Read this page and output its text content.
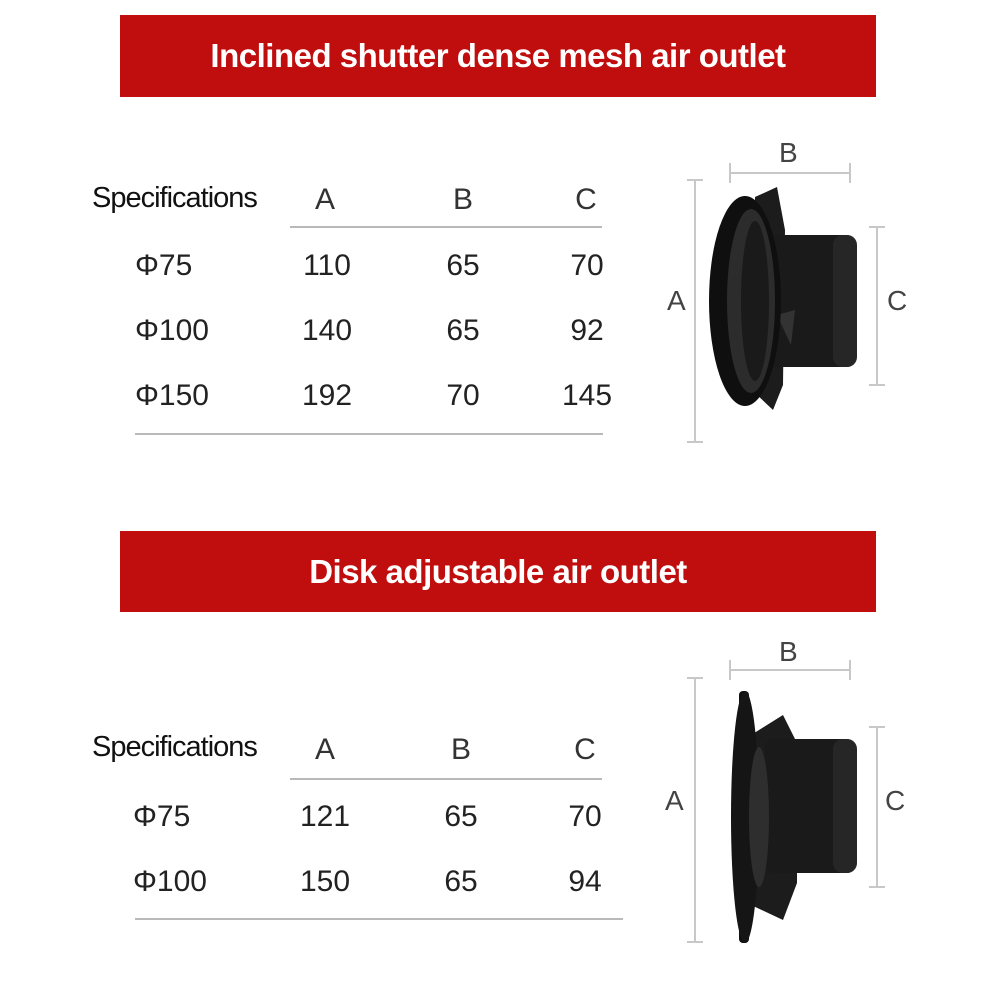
Inclined shutter dense mesh air outlet
Specifications	A	B	C
Φ75	110	65	70
Φ100	140	65	92
Φ150	192	70	145
B
A	C
Disk adjustable air outlet
Specifications	A	B	C
Φ75	121	65	70
Φ100	150	65	94
B
A	C
